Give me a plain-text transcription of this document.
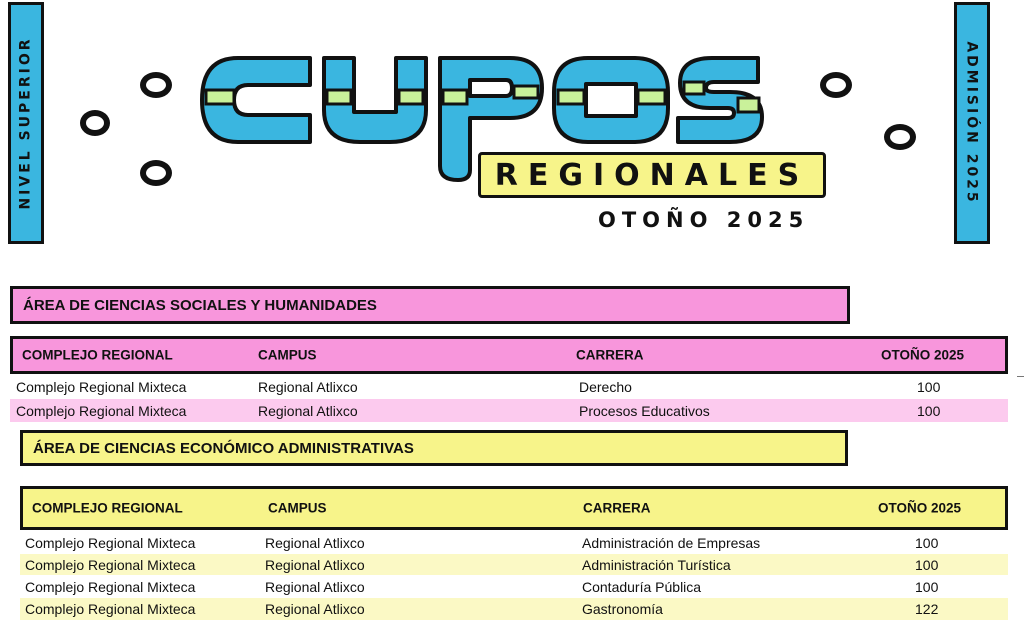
NIVEL SUPERIOR	ADMISIÓN 2025
REGIONALES
OTOÑO 2025
ÁREA DE CIENCIAS SOCIALES Y HUMANIDADES
COMPLEJO REGIONAL	CAMPUS	CARRERA	OTOÑO 2025
Complejo Regional Mixteca	Regional Atlixco	Derecho	100
Complejo Regional Mixteca	Regional Atlixco	Procesos Educativos	100
ÁREA DE CIENCIAS ECONÓMICO ADMINISTRATIVAS
COMPLEJO REGIONAL	CAMPUS	CARRERA	OTOÑO 2025
Complejo Regional Mixteca	Regional Atlixco	Administración de Empresas	100
Complejo Regional Mixteca	Regional Atlixco	Administración Turística	100
Complejo Regional Mixteca	Regional Atlixco	Contaduría Pública	100
Complejo Regional Mixteca	Regional Atlixco	Gastronomía	122
